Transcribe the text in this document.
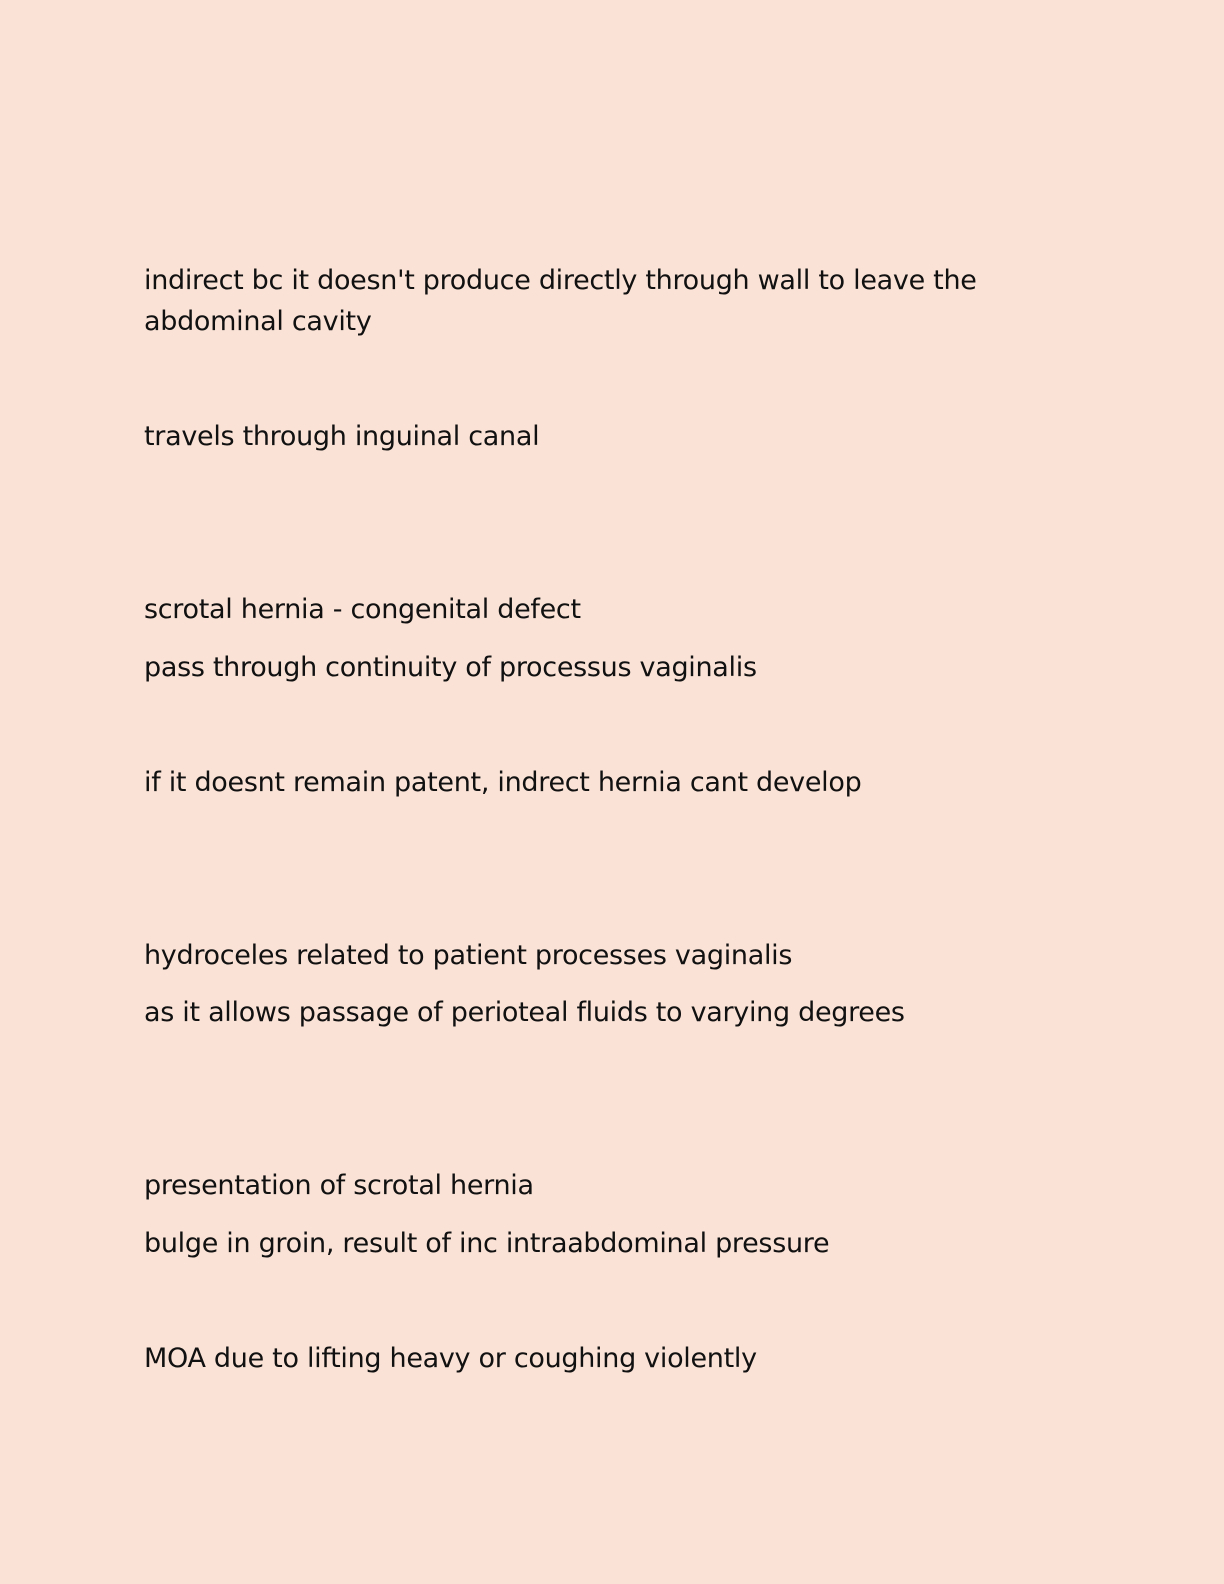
indirect bc it doesn't produce directly through wall to leave the

abdominal cavity

travels through inguinal canal

scrotal hernia - congenital defect

pass through continuity of processus vaginalis

if it doesnt remain patent, indrect hernia cant develop

hydroceles related to patient processes vaginalis

as it allows passage of perioteal fluids to varying degrees

presentation of scrotal hernia

bulge in groin, result of inc intraabdominal pressure

MOA due to lifting heavy or coughing violently
